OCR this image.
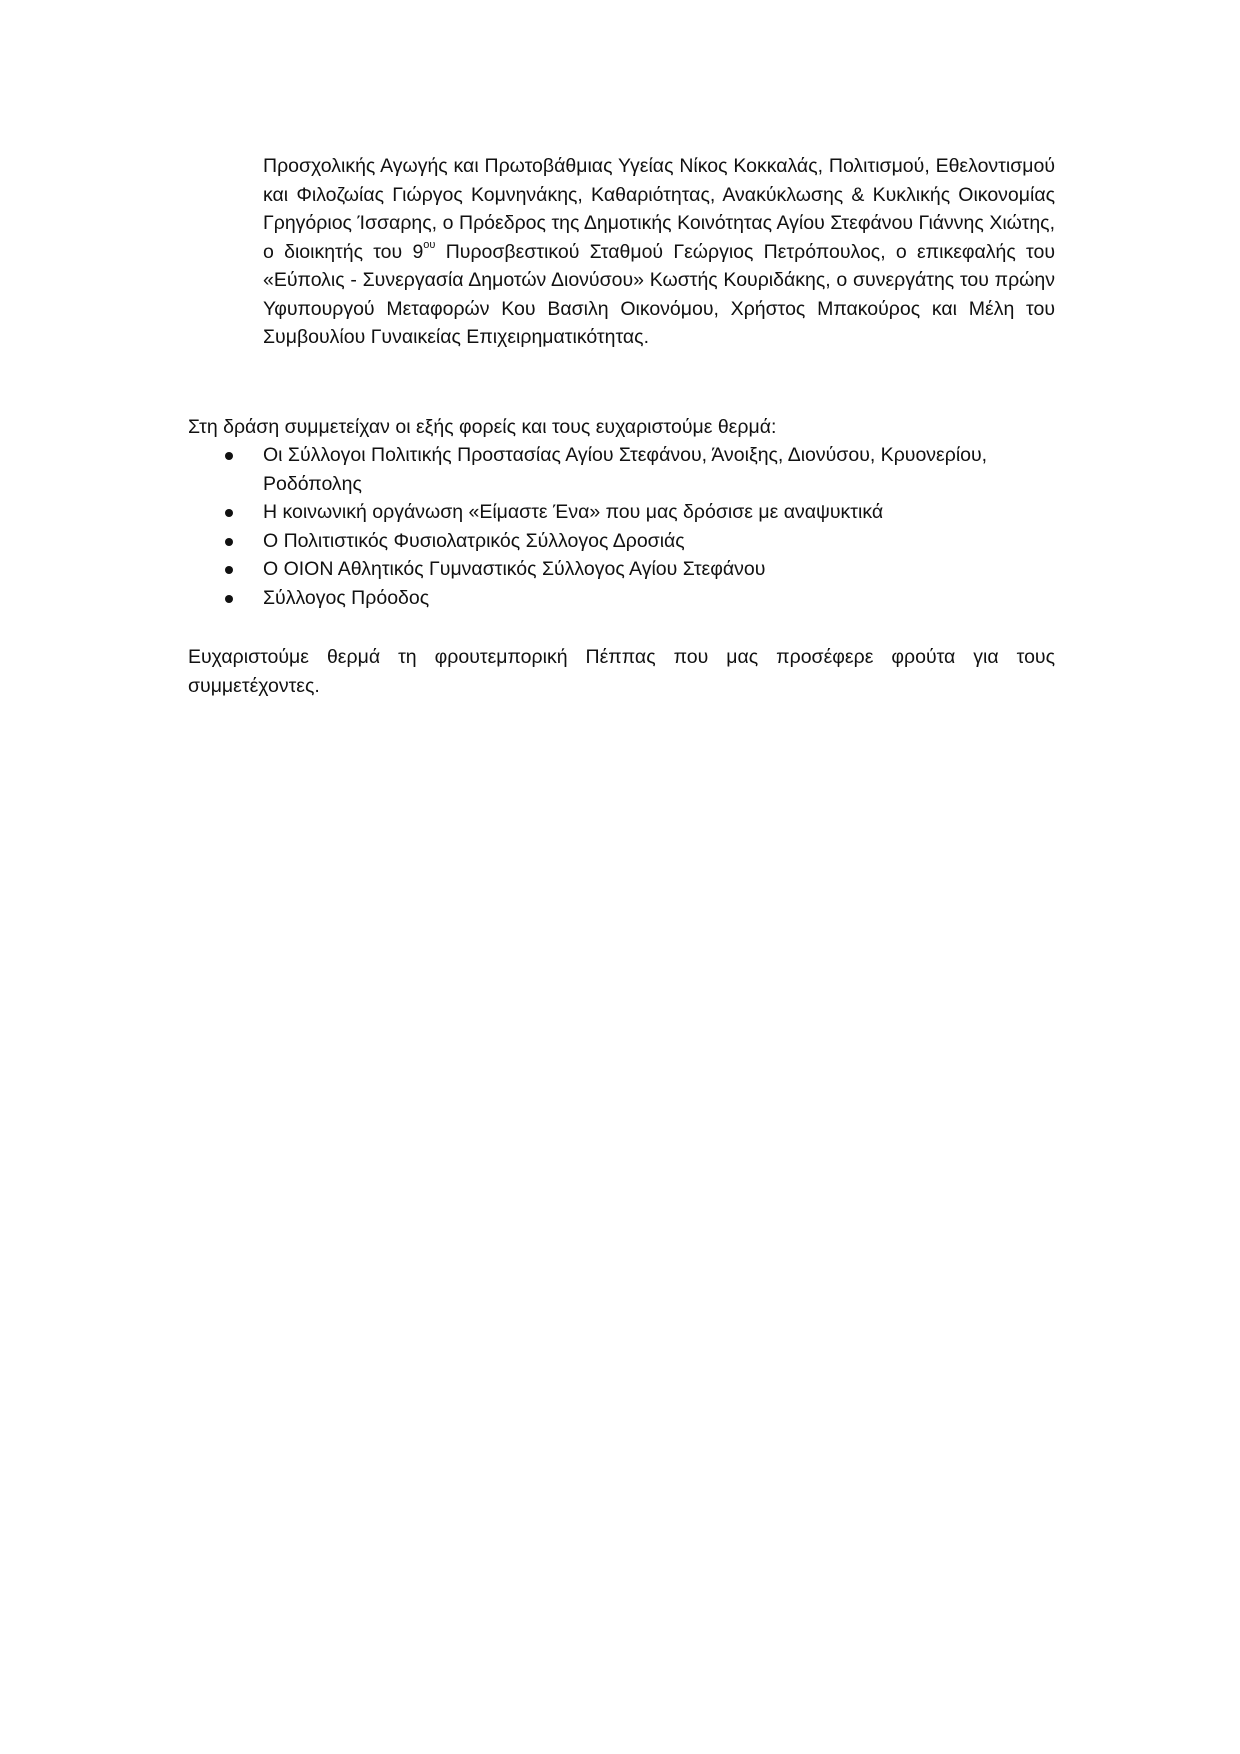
Προσχολικής Αγωγής και Πρωτοβάθμιας Υγείας Νίκος Κοκκαλάς, Πολιτισμού, Εθελοντισμού και Φιλοζωίας Γιώργος Κομνηνάκης, Καθαριότητας, Ανακύκλωσης & Κυκλικής Οικονομίας Γρηγόριος Ίσσαρης, ο Πρόεδρος της Δημοτικής Κοινότητας Αγίου Στεφάνου Γιάννης Χιώτης, ο διοικητής του $9^{o\upsilon}$ Πυροσβεστικού Σταθμού Γεώργιος Πετρόπουλος, ο επικεφαλής του «Εύπολις - Συνεργασία Δημοτών Διονύσου» Κωστής Κουριδάκης, ο συνεργάτης του πρώην Υφυπουργού Μεταφορών Κου Βασιλη Οικονόμου, Χρήστος Μπακούρος και Μέλη του Συμβουλίου Γυναικείας Επιχειρηματικότητας.

Στη δράση συμμετείχαν οι εξής φορείς και τους ευχαριστούμε θερμά:

Οι Σύλλογοι Πολιτικής Προστασίας Αγίου Στεφάνου, Άνοιξης, Διονύσου, Κρυονερίου, Ροδόπολης
Η κοινωνική οργάνωση «Είμαστε Ένα» που μας δρόσισε με αναψυκτικά
Ο Πολιτιστικός Φυσιολατρικός Σύλλογος Δροσιάς
Ο ΟΙΟΝ Αθλητικός Γυμναστικός Σύλλογος Αγίου Στεφάνου
Σύλλογος Πρόοδος

Ευχαριστούμε θερμά τη φρουτεμπορική Πέππας που μας προσέφερε φρούτα για τους συμμετέχοντες.
